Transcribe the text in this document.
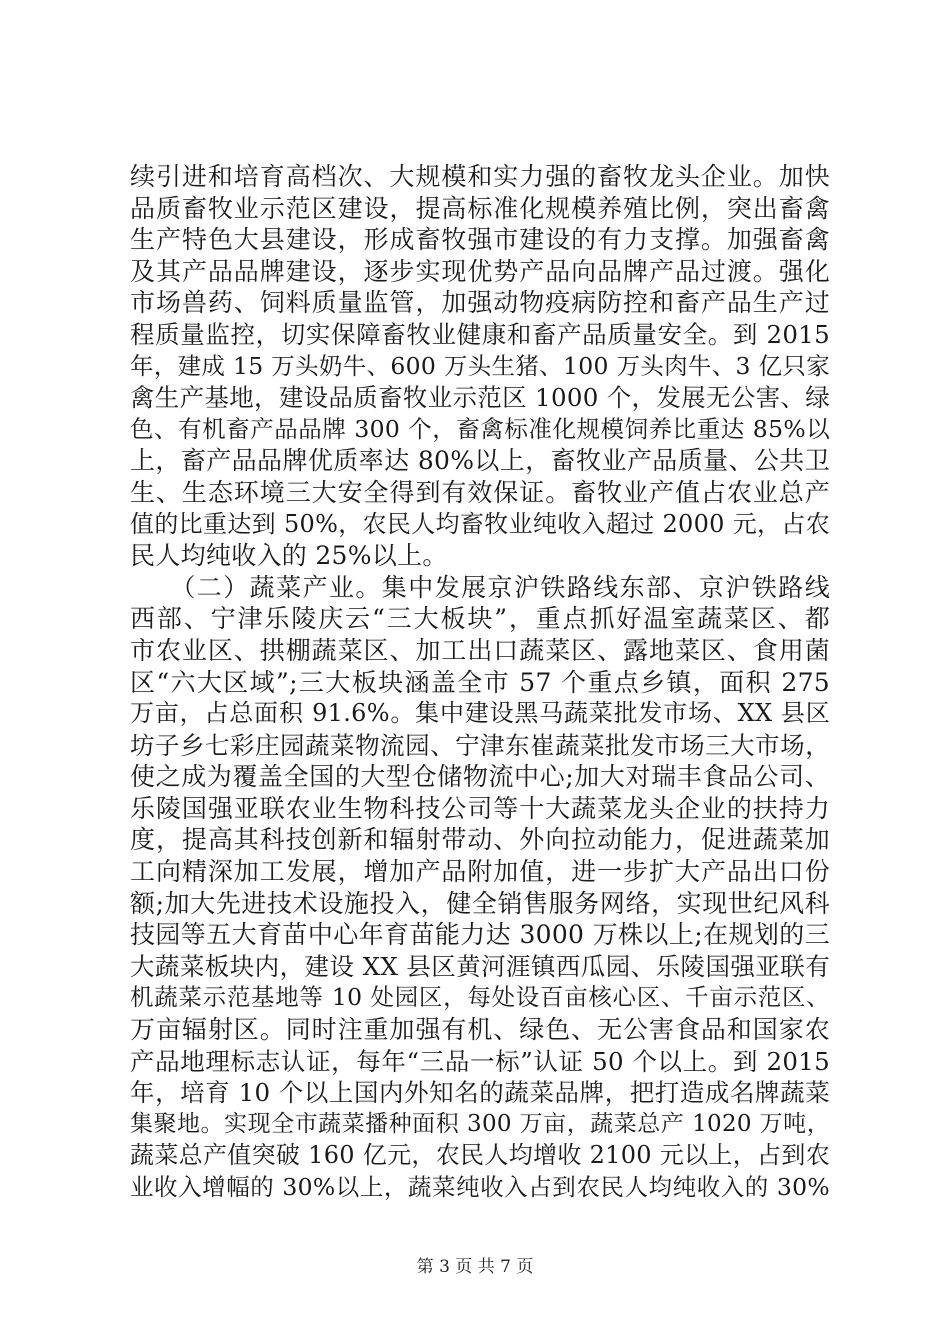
续引进和培育高档次、大规模和实力强的畜牧龙头企业。加快
品质畜牧业示范区建设，提高标准化规模养殖比例，突出畜禽
生产特色大县建设，形成畜牧强市建设的有力支撑。加强畜禽
及其产品品牌建设，逐步实现优势产品向品牌产品过渡。强化
市场兽药、饲料质量监管，加强动物疫病防控和畜产品生产过
程质量监控，切实保障畜牧业健康和畜产品质量安全。到 2015
年，建成 15 万头奶牛、600 万头生猪、100 万头肉牛、3 亿只家
禽生产基地，建设品质畜牧业示范区 1000 个，发展无公害、绿
色、有机畜产品品牌 300 个，畜禽标准化规模饲养比重达 85%以
上，畜产品品牌优质率达 80%以上，畜牧业产品质量、公共卫
生、生态环境三大安全得到有效保证。畜牧业产值占农业总产
值的比重达到 50%，农民人均畜牧业纯收入超过 2000 元，占农
民人均纯收入的 25%以上。
　　（二）蔬菜产业。集中发展京沪铁路线东部、京沪铁路线
西部、宁津乐陵庆云“三大板块”，重点抓好温室蔬菜区、都
市农业区、拱棚蔬菜区、加工出口蔬菜区、露地菜区、食用菌
区“六大区域”;三大板块涵盖全市 57 个重点乡镇，面积 275
万亩，占总面积 91.6%。集中建设黑马蔬菜批发市场、XX 县区
坊子乡七彩庄园蔬菜物流园、宁津东崔蔬菜批发市场三大市场，
使之成为覆盖全国的大型仓储物流中心;加大对瑞丰食品公司、
乐陵国强亚联农业生物科技公司等十大蔬菜龙头企业的扶持力
度，提高其科技创新和辐射带动、外向拉动能力，促进蔬菜加
工向精深加工发展，增加产品附加值，进一步扩大产品出口份
额;加大先进技术设施投入，健全销售服务网络，实现世纪风科
技园等五大育苗中心年育苗能力达 3000 万株以上;在规划的三
大蔬菜板块内，建设 XX 县区黄河涯镇西瓜园、乐陵国强亚联有
机蔬菜示范基地等 10 处园区，每处设百亩核心区、千亩示范区、
万亩辐射区。同时注重加强有机、绿色、无公害食品和国家农
产品地理标志认证，每年“三品一标”认证 50 个以上。到 2015
年，培育 10 个以上国内外知名的蔬菜品牌，把打造成名牌蔬菜
集聚地。实现全市蔬菜播种面积 300 万亩，蔬菜总产 1020 万吨，
蔬菜总产值突破 160 亿元，农民人均增收 2100 元以上，占到农
业收入增幅的 30%以上，蔬菜纯收入占到农民人均纯收入的 30%
第 3 页 共 7 页
